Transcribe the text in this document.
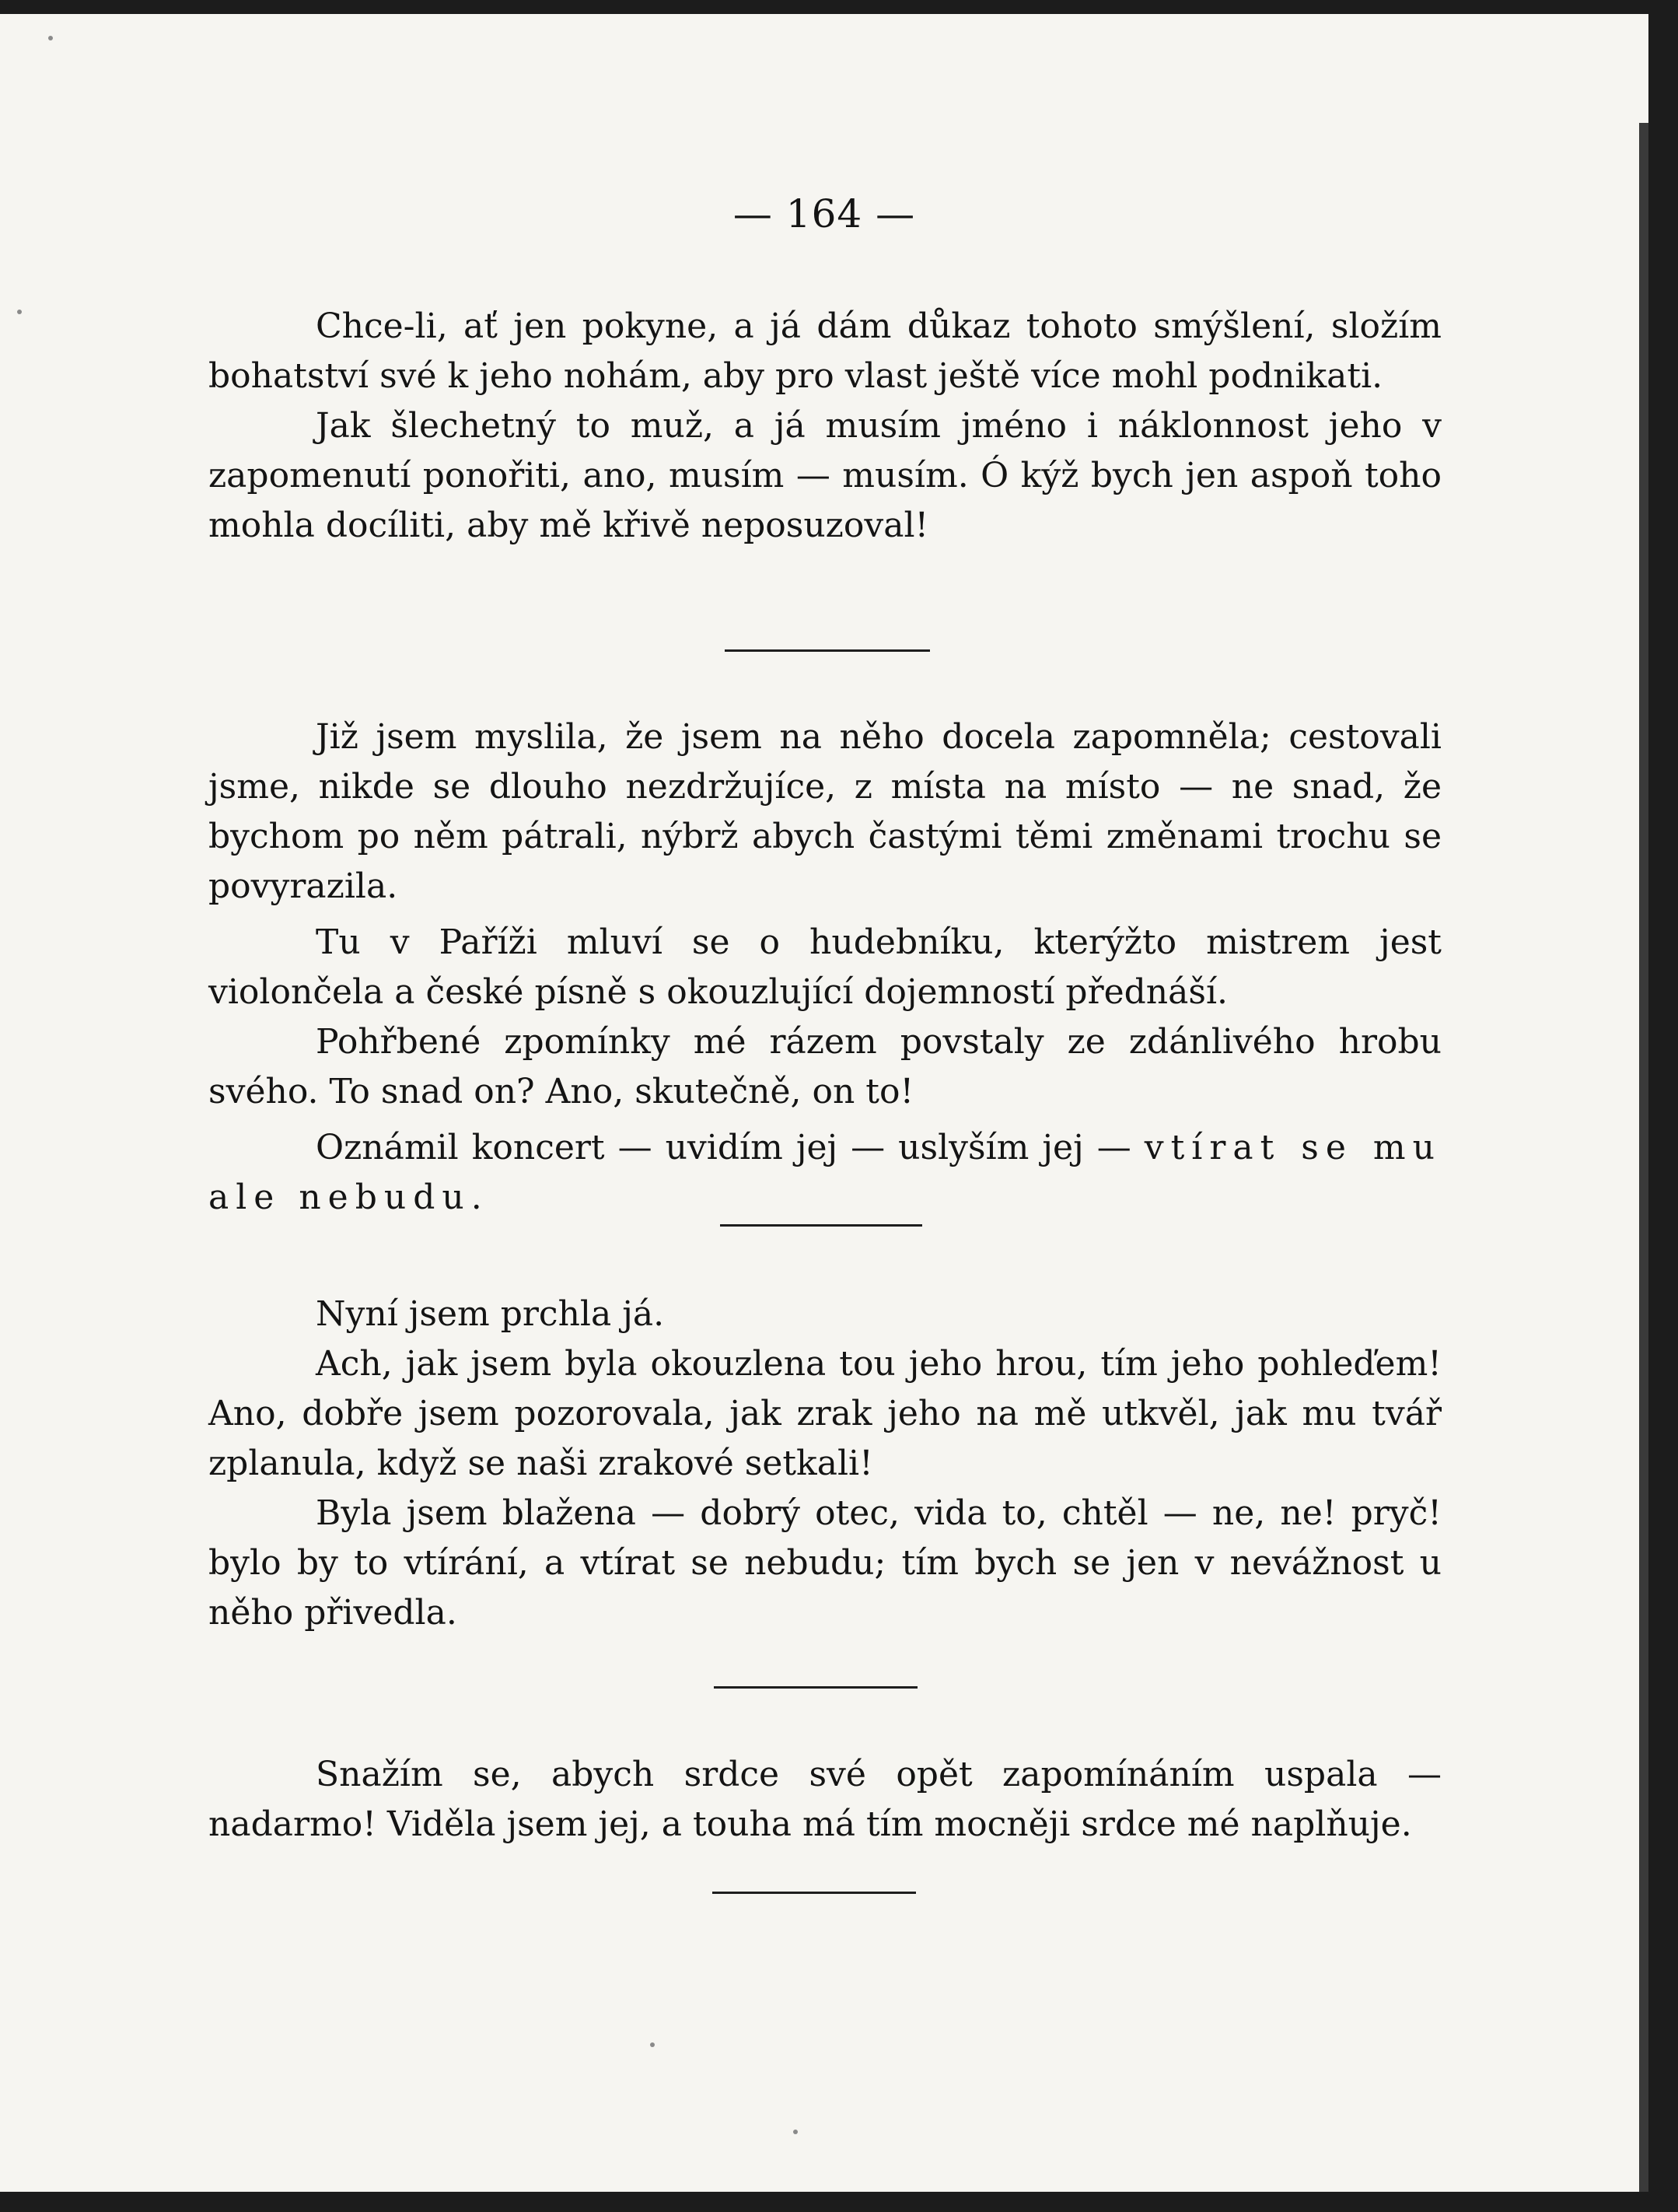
— 164 —

Chce-li, ať jen pokyne, a já dám důkaz tohoto smýšlení, složím bohatství své k jeho nohám, aby pro vlast ještě více mohl podnikati.

Jak šlechetný to muž, a já musím jméno i náklonnost jeho v zapomenutí ponořiti, ano, musím — musím. Ó kýž bych jen aspoň toho mohla docíliti, aby mě křivě neposuzoval!

Již jsem myslila, že jsem na něho docela zapomněla; cestovali jsme, nikde se dlouho nezdržujíce, z místa na místo — ne snad, že bychom po něm pátrali, nýbrž abych častými těmi změnami trochu se povyrazila.

Tu v Paříži mluví se o hudebníku, kterýžto mistrem jest violončela a české písně s okouzlující dojemností přednáší.

Pohřbené zpomínky mé rázem povstaly ze zdánlivého hrobu svého. To snad on? Ano, skutečně, on to!

Oznámil koncert — uvidím jej — uslyším jej — vtírat se mu ale nebudu.

Nyní jsem prchla já.

Ach, jak jsem byla okouzlena tou jeho hrou, tím jeho pohleďem! Ano, dobře jsem pozorovala, jak zrak jeho na mě utkvěl, jak mu tvář zplanula, když se naši zrakové setkali!

Byla jsem blažena — dobrý otec, vida to, chtěl — ne, ne! pryč! bylo by to vtírání, a vtírat se nebudu; tím bych se jen v nevážnost u něho přivedla.

Snažím se, abych srdce své opět zapomínáním uspala — nadarmo! Viděla jsem jej, a touha má tím mocněji srdce mé naplňuje.
